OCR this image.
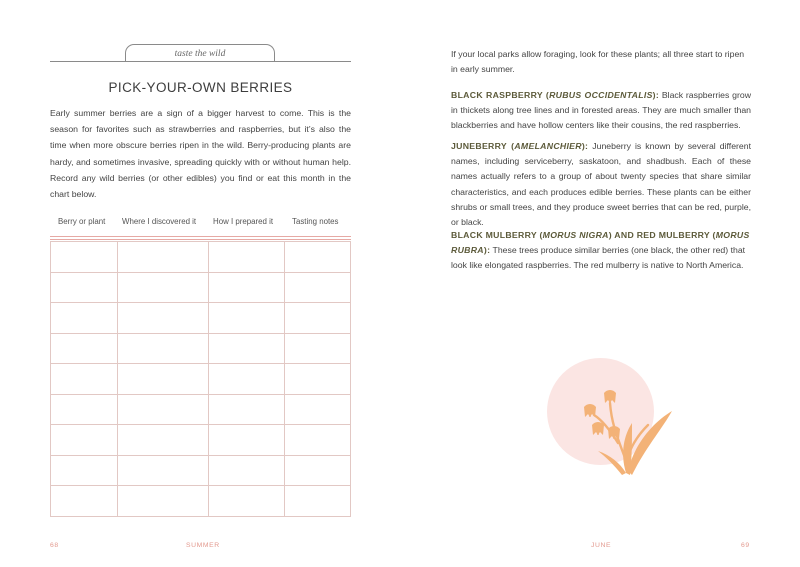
taste the wild
PICK-YOUR-OWN BERRIES

Early summer berries are a sign of a bigger harvest to come. This is the season for favorites such as strawberries and raspberries, but it’s also the time when more obscure berries ripen in the wild. Berry-producing plants are hardy, and sometimes invasive, spreading quickly with or without human help. Record any wild berries (or other edibles) you find or eat this month in the chart below.

Berry or plant Where I discovered it How I prepared it Tasting notes
68	SUMMER

If your local parks allow foraging, look for these plants; all three start to ripen in early summer.

BLACK RASPBERRY (RUBUS OCCIDENTALIS): Black raspberries grow in thickets along tree lines and in forested areas. They are much smaller than blackberries and have hollow centers like their cousins, the red raspberries.

JUNEBERRY (AMELANCHIER): Juneberry is known by several different names, including serviceberry, saskatoon, and shadbush. Each of these names actually refers to a group of about twenty species that share similar characteristics, and each produces edible berries. These plants can be either shrubs or small trees, and they produce sweet berries that can be red, purple, or black.

BLACK MULBERRY (MORUS NIGRA) AND RED MULBERRY (MORUS RUBRA): These trees produce similar berries (one black, the other red) that look like elongated raspberries. The red mulberry is native to North America.

JUNE	69
